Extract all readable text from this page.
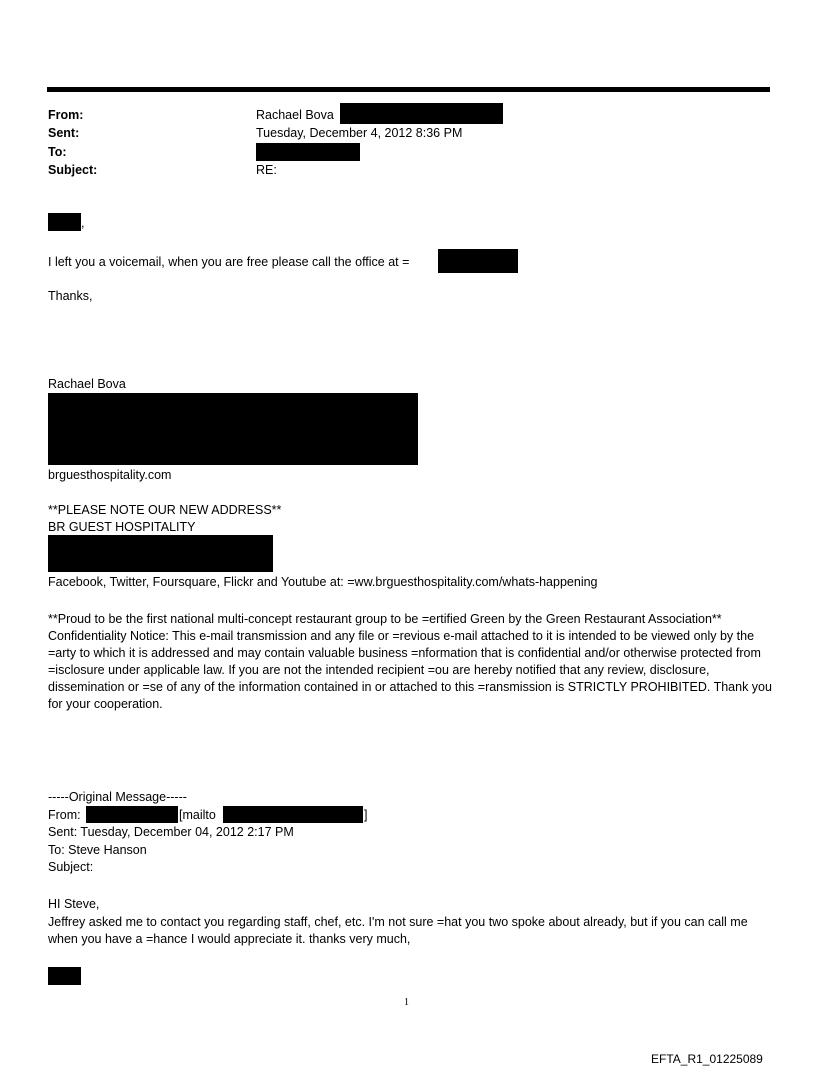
From:	Rachael Bova
Sent:	Tuesday, December 4, 2012 8:36 PM
To:
Subject:	RE:
,
I left you a voicemail, when you are free please call the office at =
Thanks,
Rachael Bova
brguesthospitality.com
**PLEASE NOTE OUR NEW ADDRESS**
BR GUEST HOSPITALITY
Facebook, Twitter, Foursquare, Flickr and Youtube at: =ww.brguesthospitality.com/whats-happening
**Proud to be the first national multi-concept restaurant group to be =ertified Green by the Green Restaurant Association** Confidentiality Notice: This e-mail transmission and any file or =revious e-mail attached to it is intended to be viewed only by the =arty to which it is addressed and may contain valuable business =nformation that is confidential and/or otherwise protected from =isclosure under applicable law. If you are not the intended recipient =ou are hereby notified that any review, disclosure, dissemination or =se of any of the information contained in or attached to this =ransmission is STRICTLY PROHIBITED. Thank you for your cooperation.
-----Original Message-----
From:	[mailto	]
Sent: Tuesday, December 04, 2012 2:17 PM
To: Steve Hanson
Subject:
HI Steve,
Jeffrey asked me to contact you regarding staff, chef, etc. I'm not sure =hat you two spoke about already, but if you can call me when you have a =hance I would appreciate it. thanks very much,
1
EFTA_R1_01225089
